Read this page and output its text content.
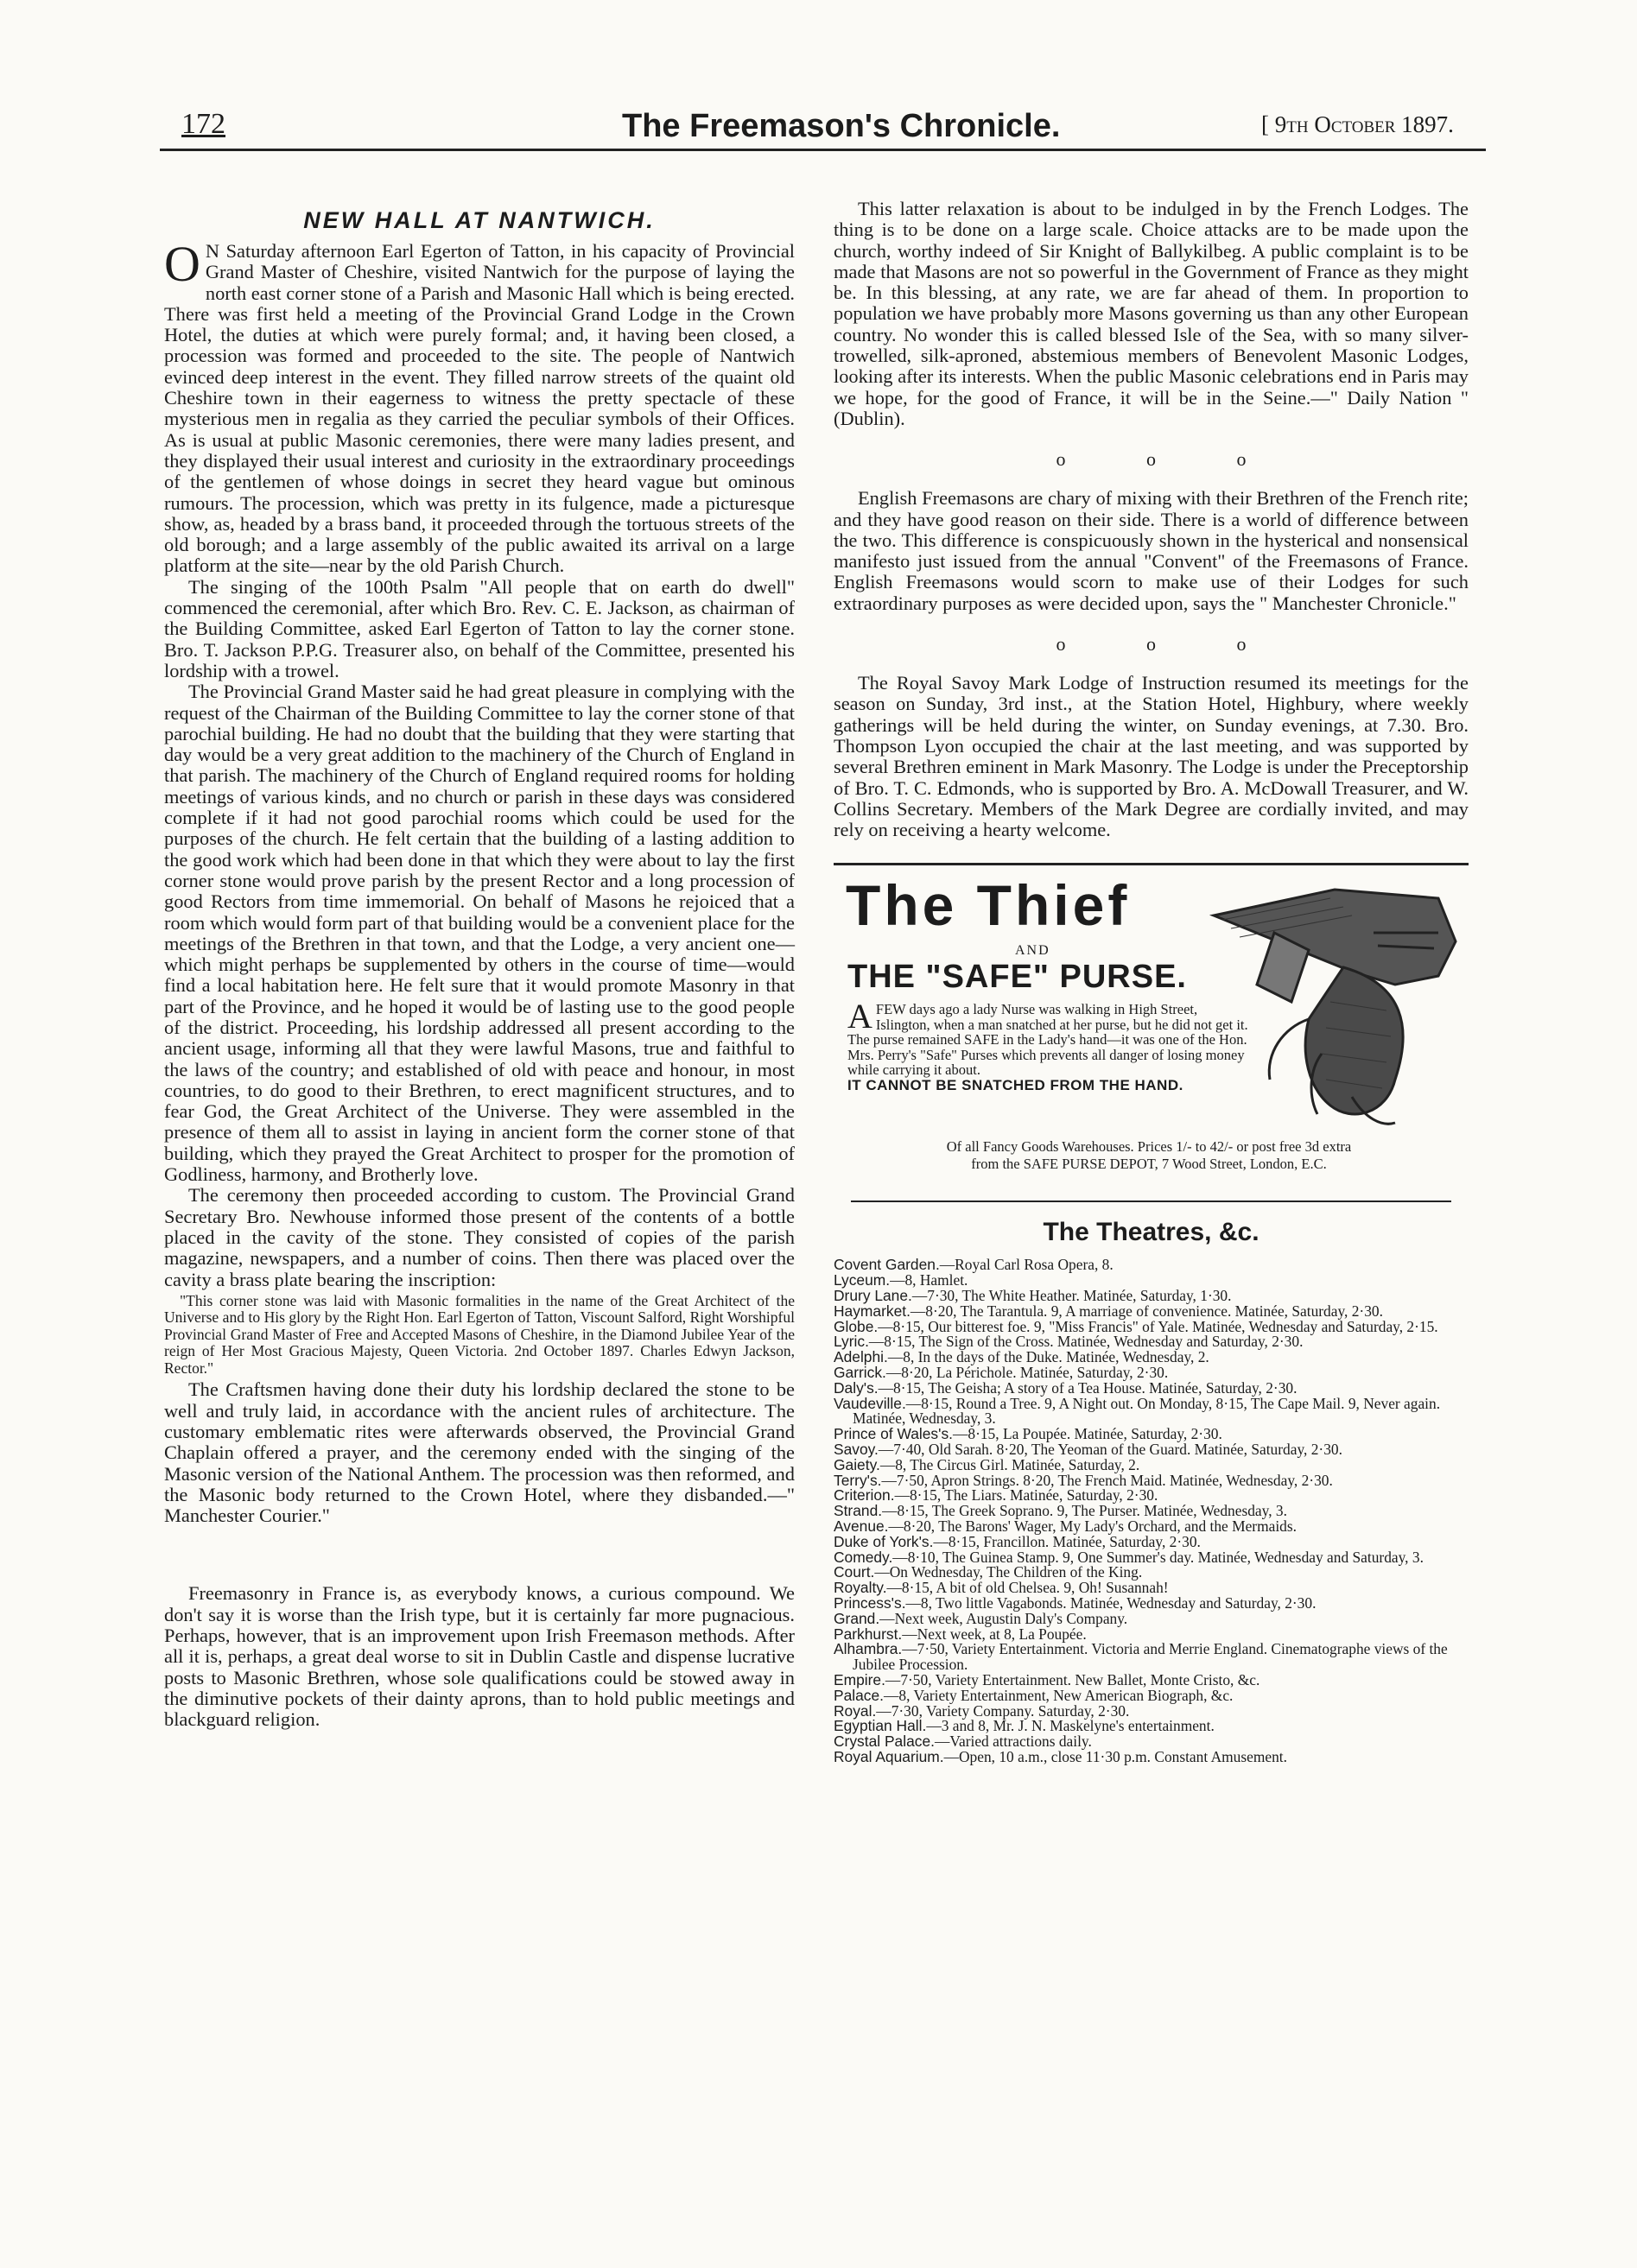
172	The Freemason's Chronicle.	[ 9th October 1897.
NEW HALL AT NANTWICH.

O N Saturday afternoon Earl Egerton of Tatton, in his capacity of Provincial Grand Master of Cheshire, visited Nantwich for the purpose of laying the north east corner stone of a Parish and Masonic Hall which is being erected. There was first held a meeting of the Provincial Grand Lodge in the Crown Hotel, the duties at which were purely formal; and, it having been closed, a procession was formed and proceeded to the site. The people of Nantwich evinced deep interest in the event. They filled narrow streets of the quaint old Cheshire town in their eagerness to witness the pretty spectacle of these mysterious men in regalia as they carried the peculiar symbols of their Offices. As is usual at public Masonic ceremonies, there were many ladies present, and they displayed their usual interest and curiosity in the extraordinary proceedings of the gentlemen of whose doings in secret they heard vague but ominous rumours. The procession, which was pretty in its fulgence, made a picturesque show, as, headed by a brass band, it proceeded through the tortuous streets of the old borough; and a large assembly of the public awaited its arrival on a large platform at the site—near by the old Parish Church.

The singing of the 100th Psalm "All people that on earth do dwell" commenced the ceremonial, after which Bro. Rev. C. E. Jackson, as chairman of the Building Committee, asked Earl Egerton of Tatton to lay the corner stone. Bro. T. Jackson P.P.G. Treasurer also, on behalf of the Committee, presented his lordship with a trowel.

The Provincial Grand Master said he had great pleasure in complying with the request of the Chairman of the Building Committee to lay the corner stone of that parochial building. He had no doubt that the building that they were starting that day would be a very great addition to the machinery of the Church of England in that parish. The machinery of the Church of England required rooms for holding meetings of various kinds, and no church or parish in these days was considered complete if it had not good parochial rooms which could be used for the purposes of the church. He felt certain that the building of a lasting addition to the good work which had been done in that which they were about to lay the first corner stone would prove parish by the present Rector and a long procession of good Rectors from time immemorial. On behalf of Masons he rejoiced that a room which would form part of that building would be a convenient place for the meetings of the Brethren in that town, and that the Lodge, a very ancient one—which might perhaps be supplemented by others in the course of time—would find a local habitation here. He felt sure that it would promote Masonry in that part of the Province, and he hoped it would be of lasting use to the good people of the district. Proceeding, his lordship addressed all present according to the ancient usage, informing all that they were lawful Masons, true and faithful to the laws of the country; and established of old with peace and honour, in most countries, to do good to their Brethren, to erect magnificent structures, and to fear God, the Great Architect of the Universe. They were assembled in the presence of them all to assist in laying in ancient form the corner stone of that building, which they prayed the Great Architect to prosper for the promotion of Godliness, harmony, and Brotherly love.

The ceremony then proceeded according to custom. The Provincial Grand Secretary Bro. Newhouse informed those present of the contents of a bottle placed in the cavity of the stone. They consisted of copies of the parish magazine, newspapers, and a number of coins. Then there was placed over the cavity a brass plate bearing the inscription:

"This corner stone was laid with Masonic formalities in the name of the Great Architect of the Universe and to His glory by the Right Hon. Earl Egerton of Tatton, Viscount Salford, Right Worshipful Provincial Grand Master of Free and Accepted Masons of Cheshire, in the Diamond Jubilee Year of the reign of Her Most Gracious Majesty, Queen Victoria. 2nd October 1897. Charles Edwyn Jackson, Rector."

The Craftsmen having done their duty his lordship declared the stone to be well and truly laid, in accordance with the ancient rules of architecture. The customary emblematic rites were afterwards observed, the Provincial Grand Chaplain offered a prayer, and the ceremony ended with the singing of the Masonic version of the National Anthem. The procession was then reformed, and the Masonic body returned to the Crown Hotel, where they disbanded.—" Manchester Courier."

Freemasonry in France is, as everybody knows, a curious compound. We don't say it is worse than the Irish type, but it is certainly far more pugnacious. Perhaps, however, that is an improvement upon Irish Freemason methods. After all it is, perhaps, a great deal worse to sit in Dublin Castle and dispense lucrative posts to Masonic Brethren, whose sole qualifications could be stowed away in the diminutive pockets of their dainty aprons, than to hold public meetings and blackguard religion.

This latter relaxation is about to be indulged in by the French Lodges. The thing is to be done on a large scale. Choice attacks are to be made upon the church, worthy indeed of Sir Knight of Ballykilbeg. A public complaint is to be made that Masons are not so powerful in the Government of France as they might be. In this blessing, at any rate, we are far ahead of them. In proportion to population we have probably more Masons governing us than any other European country. No wonder this is called blessed Isle of the Sea, with so many silver-trowelled, silk-aproned, abstemious members of Benevolent Masonic Lodges, looking after its interests. When the public Masonic celebrations end in Paris may we hope, for the good of France, it will be in the Seine.—" Daily Nation " (Dublin).

o o o

English Freemasons are chary of mixing with their Brethren of the French rite; and they have good reason on their side. There is a world of difference between the two. This difference is conspicuously shown in the hysterical and nonsensical manifesto just issued from the annual "Convent" of the Freemasons of France. English Freemasons would scorn to make use of their Lodges for such extraordinary purposes as were decided upon, says the " Manchester Chronicle."

o o o

The Royal Savoy Mark Lodge of Instruction resumed its meetings for the season on Sunday, 3rd inst., at the Station Hotel, Highbury, where weekly gatherings will be held during the winter, on Sunday evenings, at 7.30. Bro. Thompson Lyon occupied the chair at the last meeting, and was supported by several Brethren eminent in Mark Masonry. The Lodge is under the Preceptorship of Bro. T. C. Edmonds, who is supported by Bro. A. McDowall Treasurer, and W. Collins Secretary. Members of the Mark Degree are cordially invited, and may rely on receiving a hearty welcome.

The Thief
AND
THE "SAFE" PURSE.
AFEW days ago a lady Nurse was walking in High Street, Islington, when a man snatched at her purse, but he did not get it. The purse remained SAFE in the Lady's hand—it was one of the Hon. Mrs. Perry's "Safe" Purses which prevents all danger of losing money while carrying it about.
IT CANNOT BE SNATCHED FROM THE HAND.
Of all Fancy Goods Warehouses. Prices 1/- to 42/- or post free 3d extra
from the SAFE PURSE DEPOT, 7 Wood Street, London, E.C.
The Theatres, &c.
Covent Garden.—Royal Carl Rosa Opera, 8.
Lyceum.—8, Hamlet.
Drury Lane.—7·30, The White Heather. Matinée, Saturday, 1·30.
Haymarket.—8·20, The Tarantula. 9, A marriage of convenience. Matinée, Saturday, 2·30.
Globe.—8·15, Our bitterest foe. 9, "Miss Francis" of Yale. Matinée, Wednesday and Saturday, 2·15.
Lyric.—8·15, The Sign of the Cross. Matinée, Wednesday and Saturday, 2·30.
Adelphi.—8, In the days of the Duke. Matinée, Wednesday, 2.
Garrick.—8·20, La Périchole. Matinée, Saturday, 2·30.
Daly's.—8·15, The Geisha; A story of a Tea House. Matinée, Saturday, 2·30.
Vaudeville.—8·15, Round a Tree. 9, A Night out. On Monday, 8·15, The Cape Mail. 9, Never again. Matinée, Wednesday, 3.
Prince of Wales's.—8·15, La Poupée. Matinée, Saturday, 2·30.
Savoy.—7·40, Old Sarah. 8·20, The Yeoman of the Guard. Matinée, Saturday, 2·30.
Gaiety.—8, The Circus Girl. Matinée, Saturday, 2.
Terry's.—7·50, Apron Strings. 8·20, The French Maid. Matinée, Wednesday, 2·30.
Criterion.—8·15, The Liars. Matinée, Saturday, 2·30.
Strand.—8·15, The Greek Soprano. 9, The Purser. Matinée, Wednesday, 3.
Avenue.—8·20, The Barons' Wager, My Lady's Orchard, and the Mermaids.
Duke of York's.—8·15, Francillon. Matinée, Saturday, 2·30.
Comedy.—8·10, The Guinea Stamp. 9, One Summer's day. Matinée, Wednesday and Saturday, 3.
Court.—On Wednesday, The Children of the King.
Royalty.—8·15, A bit of old Chelsea. 9, Oh! Susannah!
Princess's.—8, Two little Vagabonds. Matinée, Wednesday and Saturday, 2·30.
Grand.—Next week, Augustin Daly's Company.
Parkhurst.—Next week, at 8, La Poupée.
Alhambra.—7·50, Variety Entertainment. Victoria and Merrie England. Cinematographe views of the Jubilee Procession.
Empire.—7·50, Variety Entertainment. New Ballet, Monte Cristo, &c.
Palace.—8, Variety Entertainment, New American Biograph, &c.
Royal.—7·30, Variety Company. Saturday, 2·30.
Egyptian Hall.—3 and 8, Mr. J. N. Maskelyne's entertainment.
Crystal Palace.—Varied attractions daily.
Royal Aquarium.—Open, 10 a.m., close 11·30 p.m. Constant Amusement.
